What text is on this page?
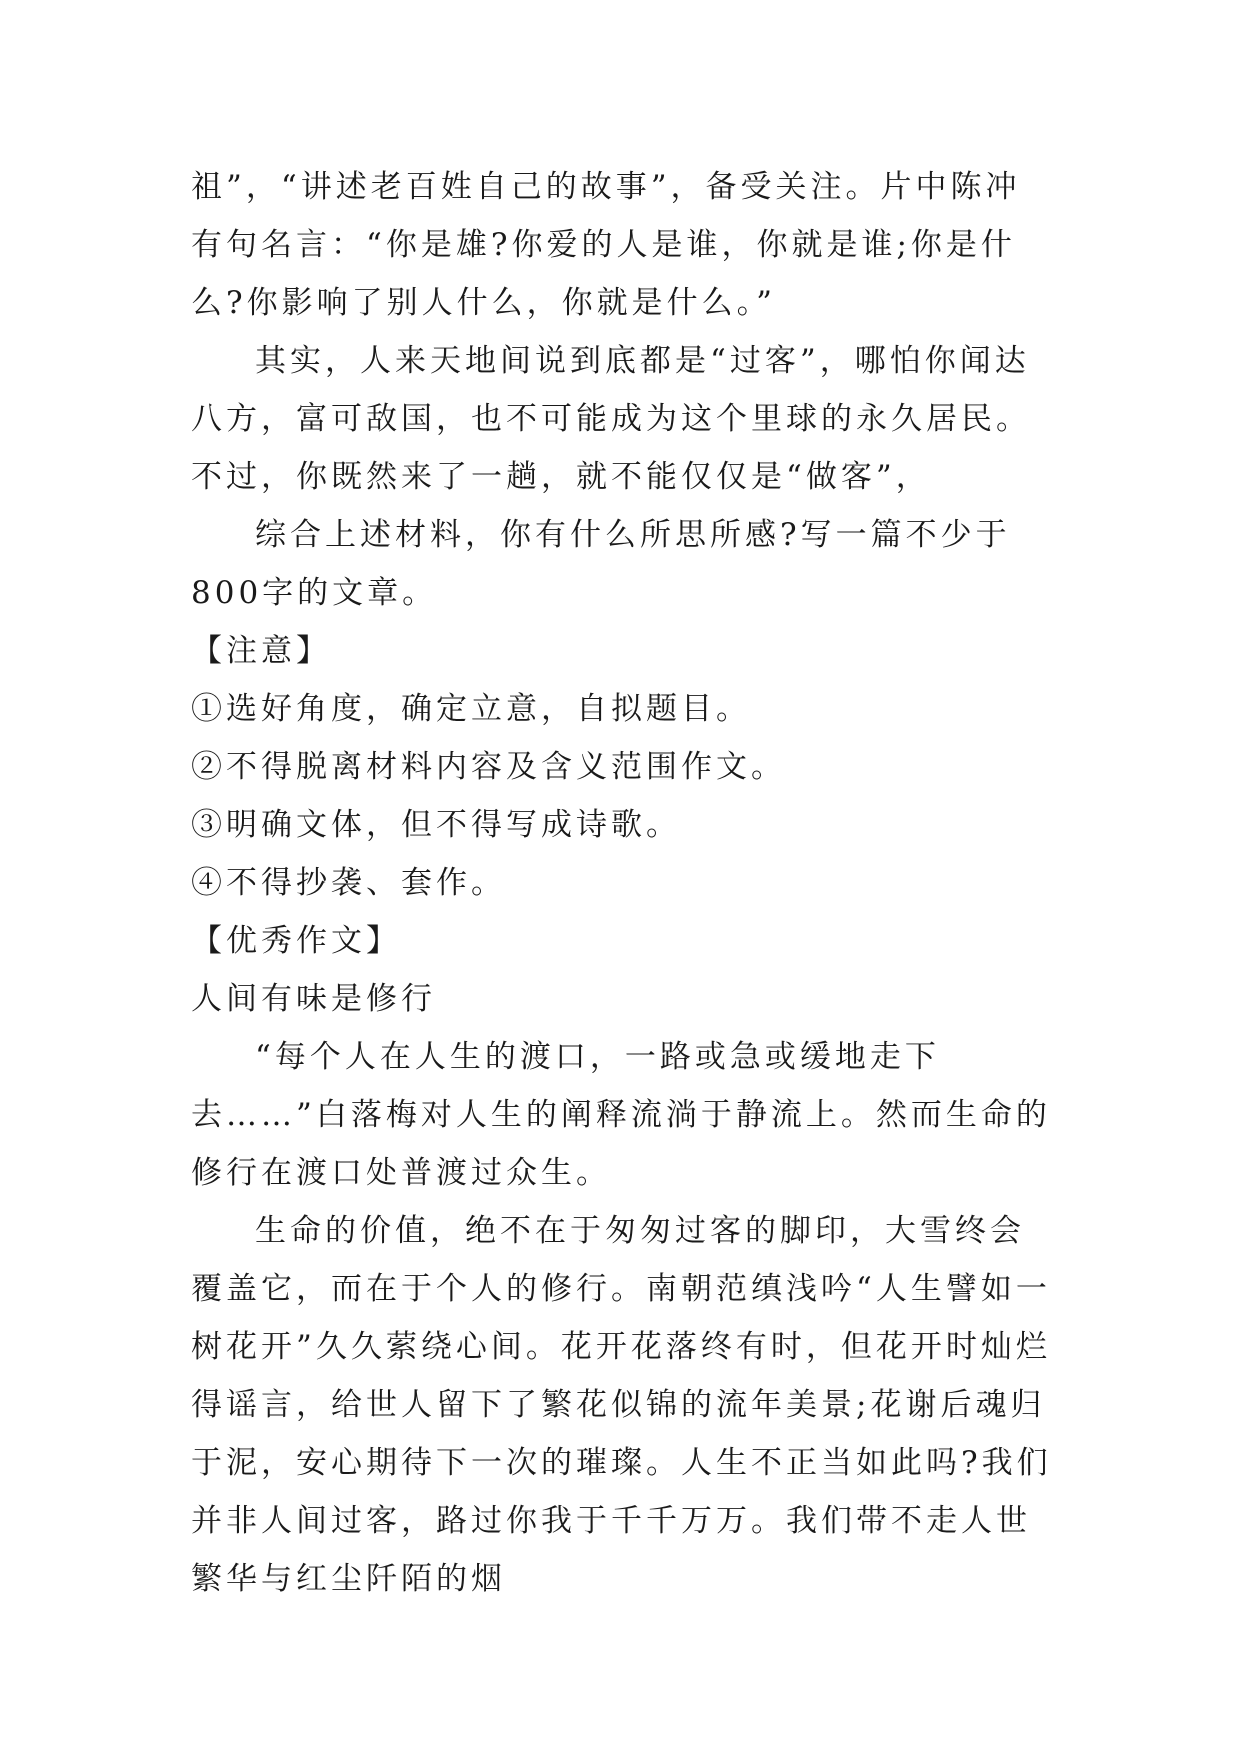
祖”，“讲述老百姓自己的故事”，备受关注。片中陈冲有句名言：“你是雄?你爱的人是谁，你就是谁;你是什么?你影响了别人什么，你就是什么。”

其实，人来天地间说到底都是“过客”，哪怕你闻达八方，富可敌国，也不可能成为这个里球的永久居民。不过，你既然来了一趟，就不能仅仅是“做客”，

综合上述材料，你有什么所思所感?写一篇不少于800字的文章。

【注意】

①选好角度，确定立意，自拟题目。

②不得脱离材料内容及含义范围作文。

③明确文体，但不得写成诗歌。

④不得抄袭、套作。

【优秀作文】

人间有味是修行

“每个人在人生的渡口，一路或急或缓地走下去……”白落梅对人生的阐释流淌于静流上。然而生命的修行在渡口处普渡过众生。

生命的价值，绝不在于匆匆过客的脚印，大雪终会覆盖它，而在于个人的修行。南朝范缜浅吟“人生譬如一树花开”久久萦绕心间。花开花落终有时，但花开时灿烂得谣言，给世人留下了繁花似锦的流年美景;花谢后魂归于泥，安心期待下一次的璀璨。人生不正当如此吗?我们并非人间过客，路过你我于千千万万。我们带不走人世繁华与红尘阡陌的烟
